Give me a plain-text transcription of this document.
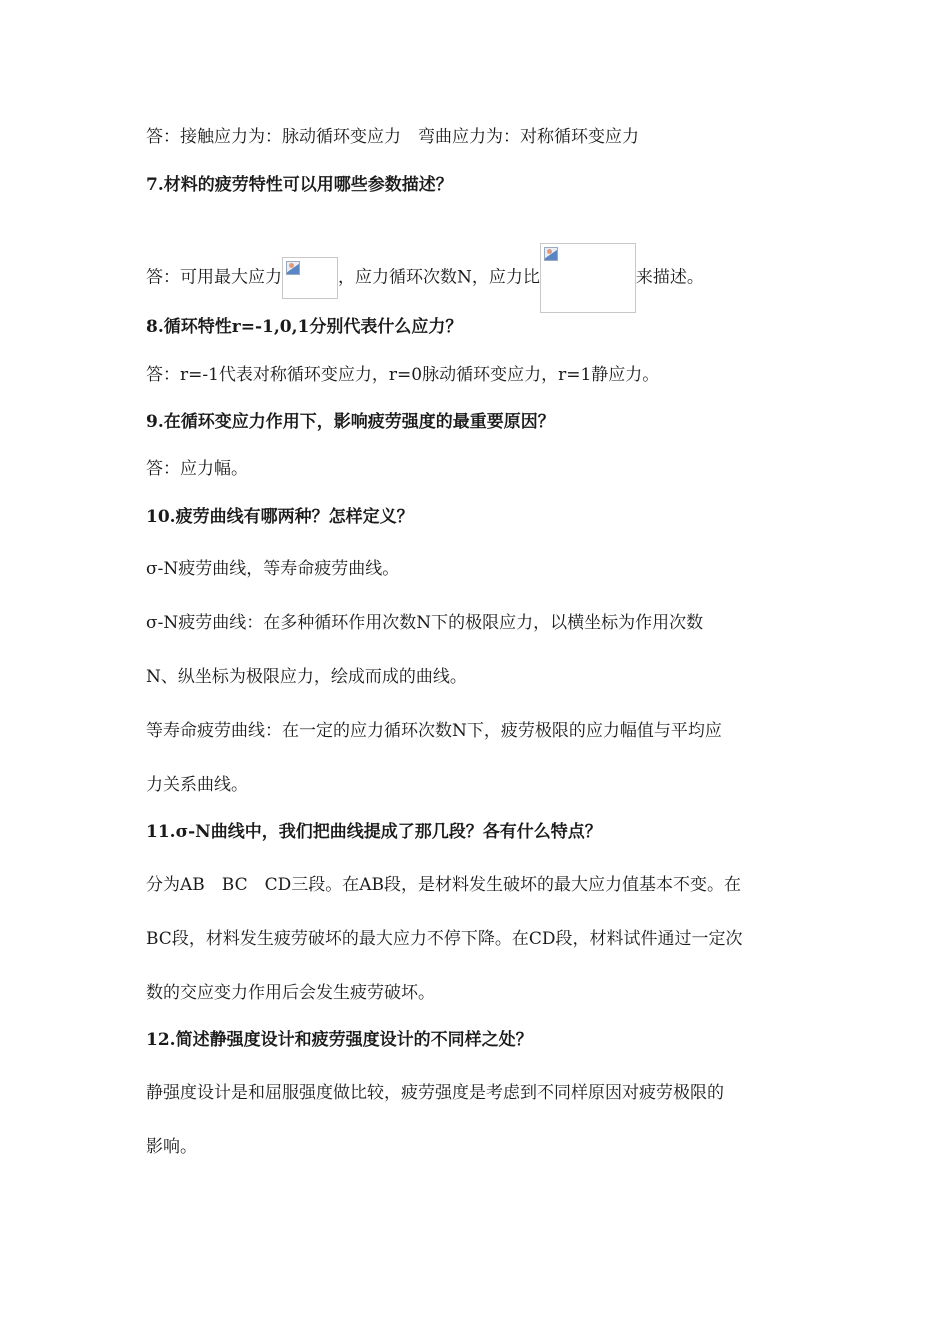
答：接触应力为：脉动循环变应力　弯曲应力为：对称循环变应力
7.材料的疲劳特性可以用哪些参数描述？
答：可用最大应力	，应力循环次数N，应力比	来描述。
8.循环特性r=-1,0,1分别代表什么应力？
答：r=-1代表对称循环变应力，r=0脉动循环变应力，r=1静应力。
9.在循环变应力作用下，影响疲劳强度的最重要原因？
答：应力幅。
10.疲劳曲线有哪两种？怎样定义？
σ-N疲劳曲线，等寿命疲劳曲线。
σ-N疲劳曲线：在多种循环作用次数N下的极限应力，以横坐标为作用次数
N、纵坐标为极限应力，绘成而成的曲线。
等寿命疲劳曲线：在一定的应力循环次数N下，疲劳极限的应力幅值与平均应
力关系曲线。
11.σ-N曲线中，我们把曲线提成了那几段？各有什么特点？
分为AB　BC　CD三段。在AB段，是材料发生破坏的最大应力值基本不变。在
BC段，材料发生疲劳破坏的最大应力不停下降。在CD段，材料试件通过一定次
数的交应变力作用后会发生疲劳破坏。
12.简述静强度设计和疲劳强度设计的不同样之处？
静强度设计是和屈服强度做比较，疲劳强度是考虑到不同样原因对疲劳极限的
影响。
